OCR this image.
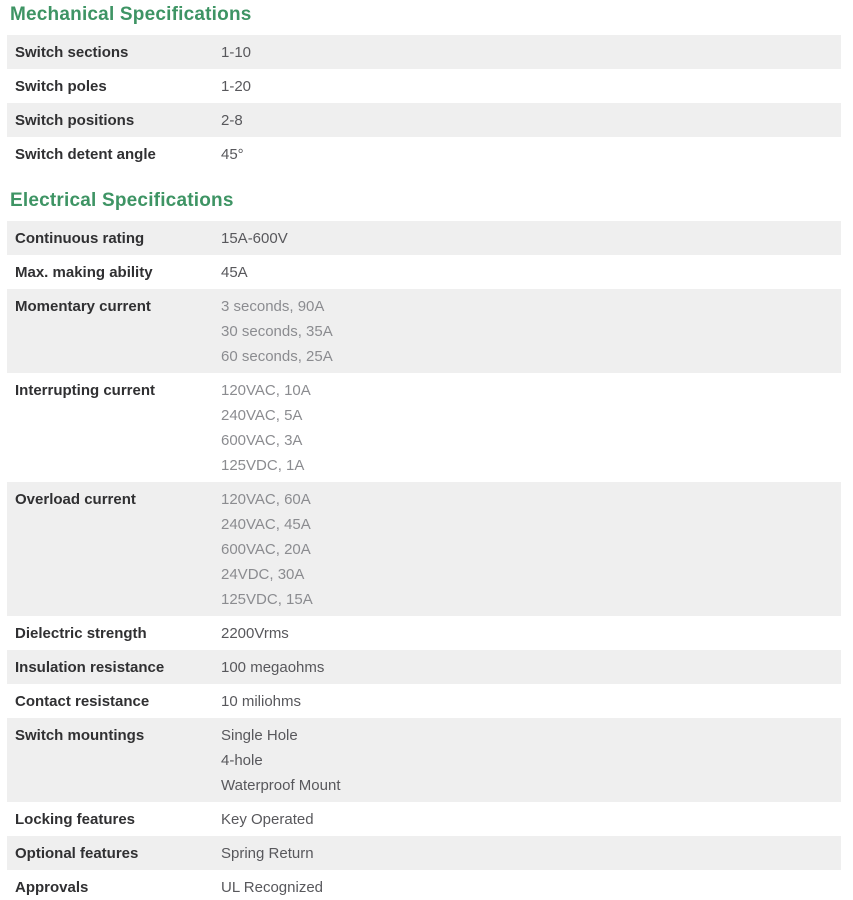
Mechanical Specifications
Switch sections	1-10
Switch poles	1-20
Switch positions	2-8
Switch detent angle	45°
Electrical Specifications
Continuous rating	15A-600V
Max. making ability	45A
Momentary current	3 seconds, 90A
30 seconds, 35A
60 seconds, 25A
Interrupting current	120VAC, 10A
240VAC, 5A
600VAC, 3A
125VDC, 1A
Overload current	120VAC, 60A
240VAC, 45A
600VAC, 20A
24VDC, 30A
125VDC, 15A
Dielectric strength	2200Vrms
Insulation resistance	100 megaohms
Contact resistance	10 miliohms
Switch mountings	Single Hole
4-hole
Waterproof Mount
Locking features	Key Operated
Optional features	Spring Return
Approvals	UL Recognized
